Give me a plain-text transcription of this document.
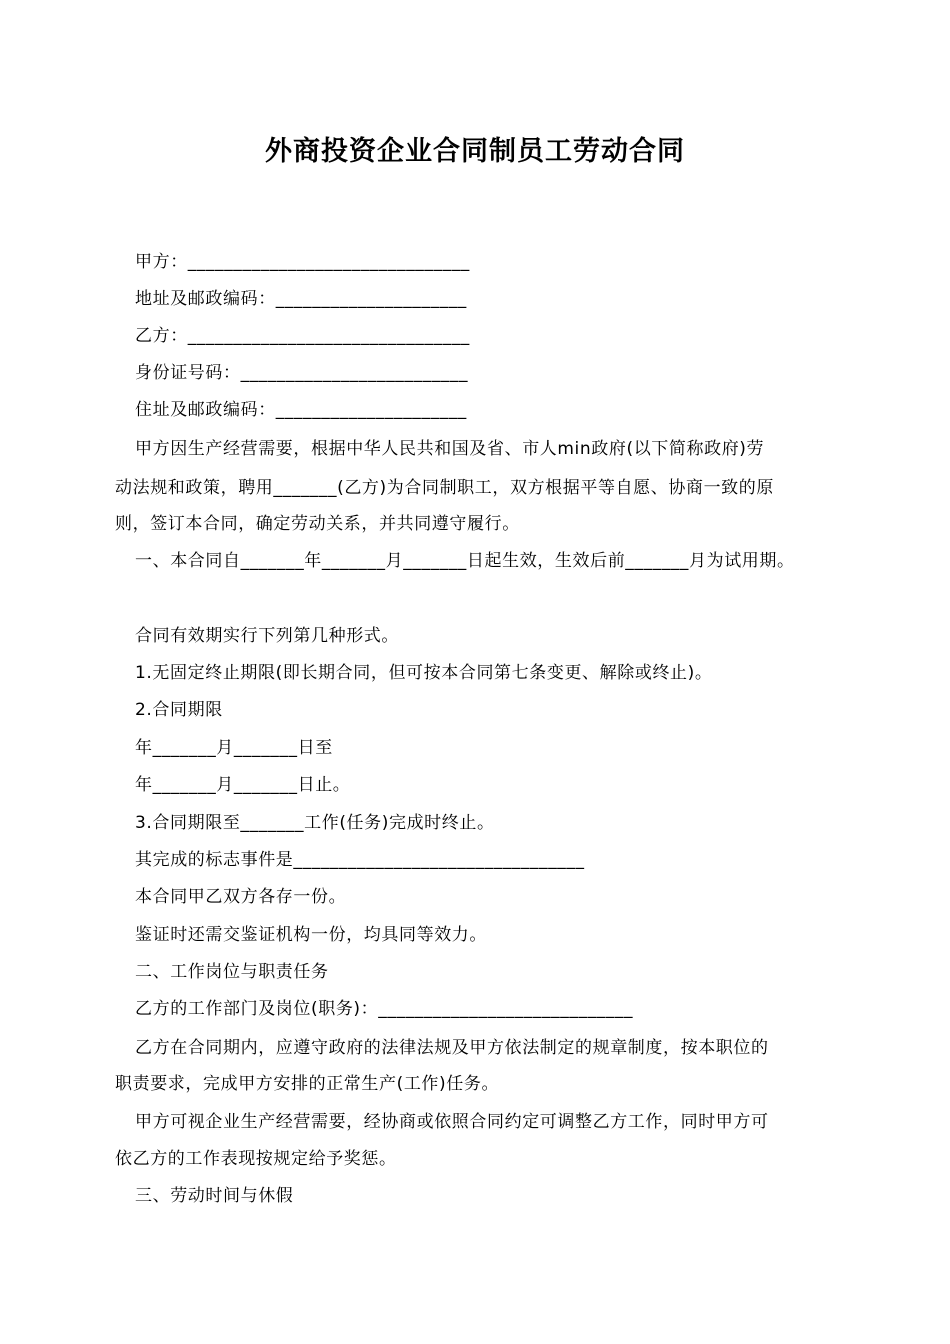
外商投资企业合同制员工劳动合同
甲方：_______________________________
地址及邮政编码：_____________________
乙方：_______________________________
身份证号码：_________________________
住址及邮政编码：_____________________
甲方因生产经营需要，根据中华人民共和国及省、市人min政府(以下简称政府)劳
动法规和政策，聘用_______(乙方)为合同制职工，双方根据平等自愿、协商一致的原
则，签订本合同，确定劳动关系，并共同遵守履行。
一、本合同自_______年_______月_______日起生效，生效后前_______月为试用期。
合同有效期实行下列第几种形式。
1.无固定终止期限(即长期合同，但可按本合同第七条变更、解除或终止)。
2.合同期限
年_______月_______日至
年_______月_______日止。
3.合同期限至_______工作(任务)完成时终止。
其完成的标志事件是________________________________
本合同甲乙双方各存一份。
鉴证时还需交鉴证机构一份，均具同等效力。
二、工作岗位与职责任务
乙方的工作部门及岗位(职务)：____________________________
乙方在合同期内，应遵守政府的法律法规及甲方依法制定的规章制度，按本职位的
职责要求，完成甲方安排的正常生产(工作)任务。
甲方可视企业生产经营需要，经协商或依照合同约定可调整乙方工作，同时甲方可
依乙方的工作表现按规定给予奖惩。
三、劳动时间与休假
